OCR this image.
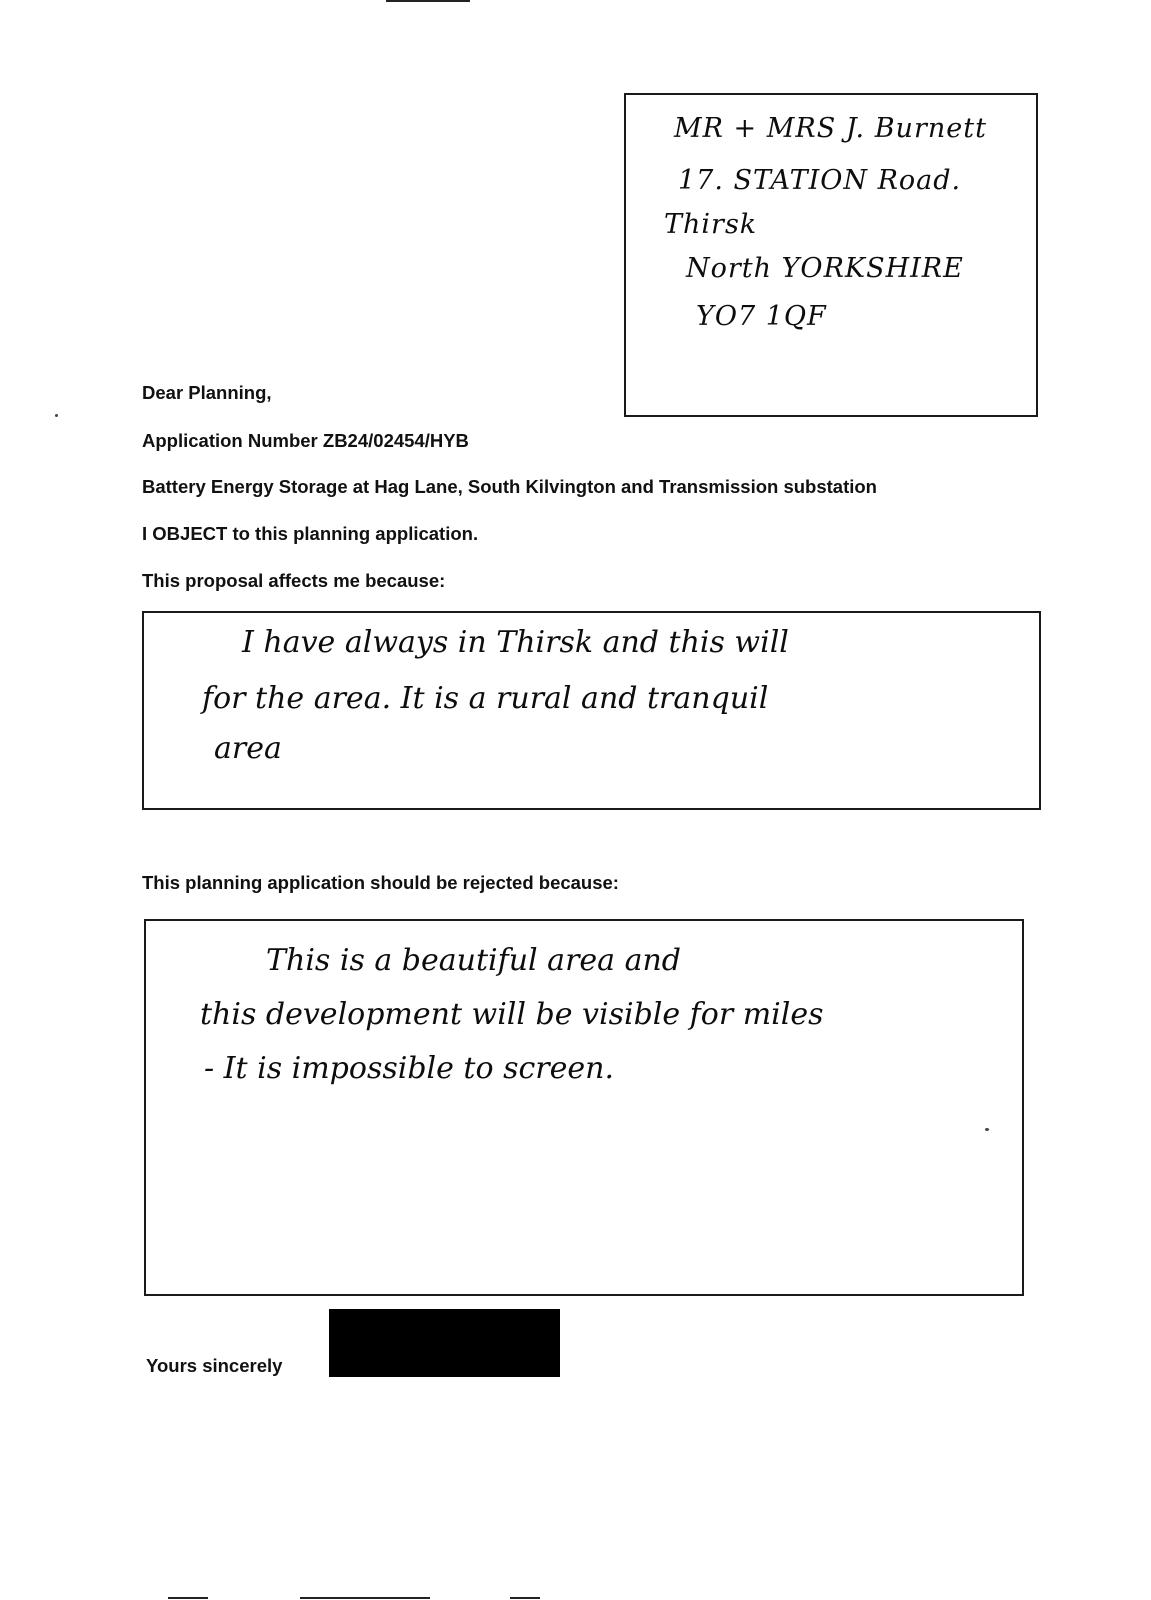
MR + MRS J. Burnett
17. STATION Road.
Thirsk
North YORKSHIRE
YO7 1QF
Dear Planning,
Application Number ZB24/02454/HYB
Battery Energy Storage at Hag Lane, South Kilvington and Transmission substation
I OBJECT to this planning application.
This proposal affects me because:
I have always in Thirsk and this will
for the area. It is a rural and tranquil
area
This planning application should be rejected because:
This is a beautiful area and
this development will be visible for miles
- It is impossible to screen.
Yours sincerely
